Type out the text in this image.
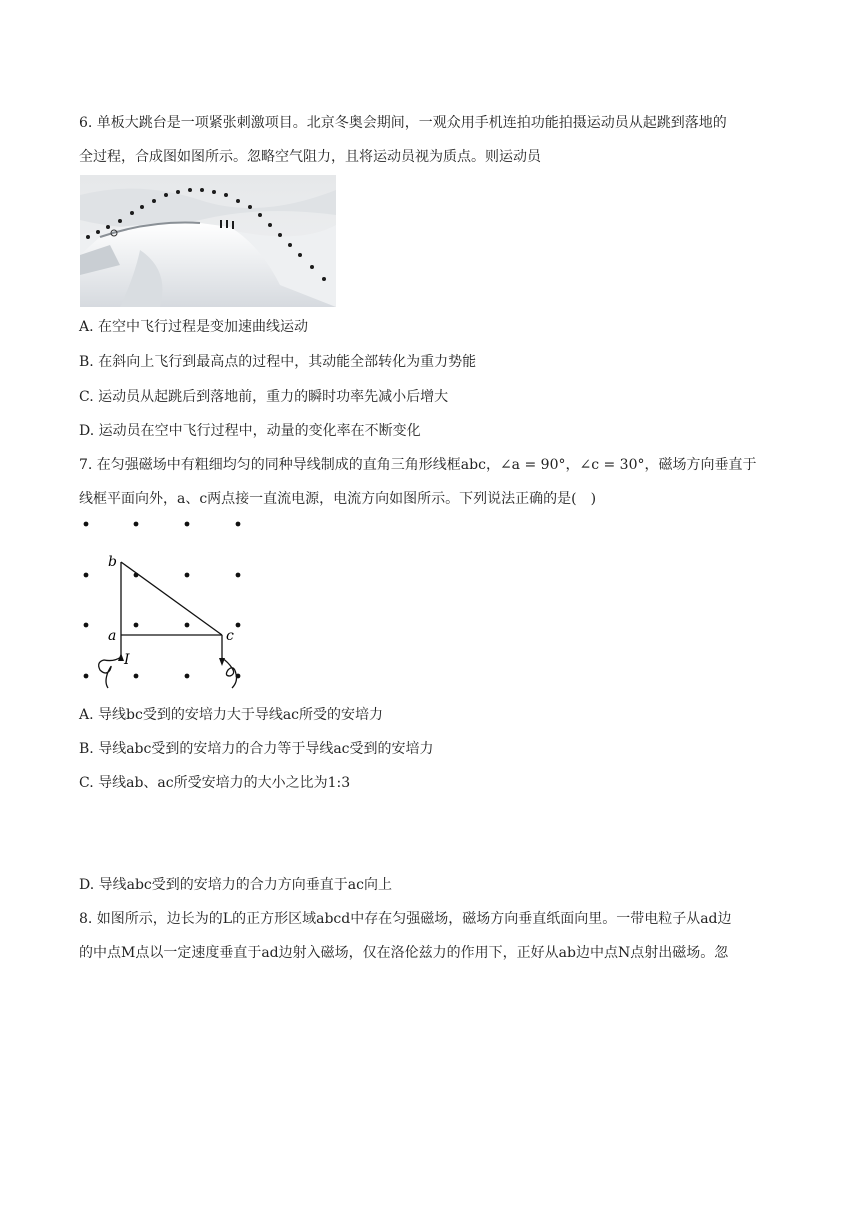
6. 单板大跳台是一项紧张刺激项目。北京冬奥会期间，一观众用手机连拍功能拍摄运动员从起跳到落地的
全过程，合成图如图所示。忽略空气阻力，且将运动员视为质点。则运动员
A. 在空中飞行过程是变加速曲线运动
B. 在斜向上飞行到最高点的过程中，其动能全部转化为重力势能
C. 运动员从起跳后到落地前，重力的瞬时功率先减小后增大
D. 运动员在空中飞行过程中，动量的变化率在不断变化
7. 在匀强磁场中有粗细均匀的同种导线制成的直角三角形线框abc，∠a = 90°，∠c = 30°，磁场方向垂直于
线框平面向外，a、c两点接一直流电源，电流方向如图所示。下列说法正确的是(　)
b
a	c
I
A. 导线bc受到的安培力大于导线ac所受的安培力
B. 导线abc受到的安培力的合力等于导线ac受到的安培力
C. 导线ab、ac所受安培力的大小之比为1:3
D. 导线abc受到的安培力的合力方向垂直于ac向上
8. 如图所示，边长为的L的正方形区域abcd中存在匀强磁场，磁场方向垂直纸面向里。一带电粒子从ad边
的中点M点以一定速度垂直于ad边射入磁场，仅在洛伦兹力的作用下，正好从ab边中点N点射出磁场。忽
